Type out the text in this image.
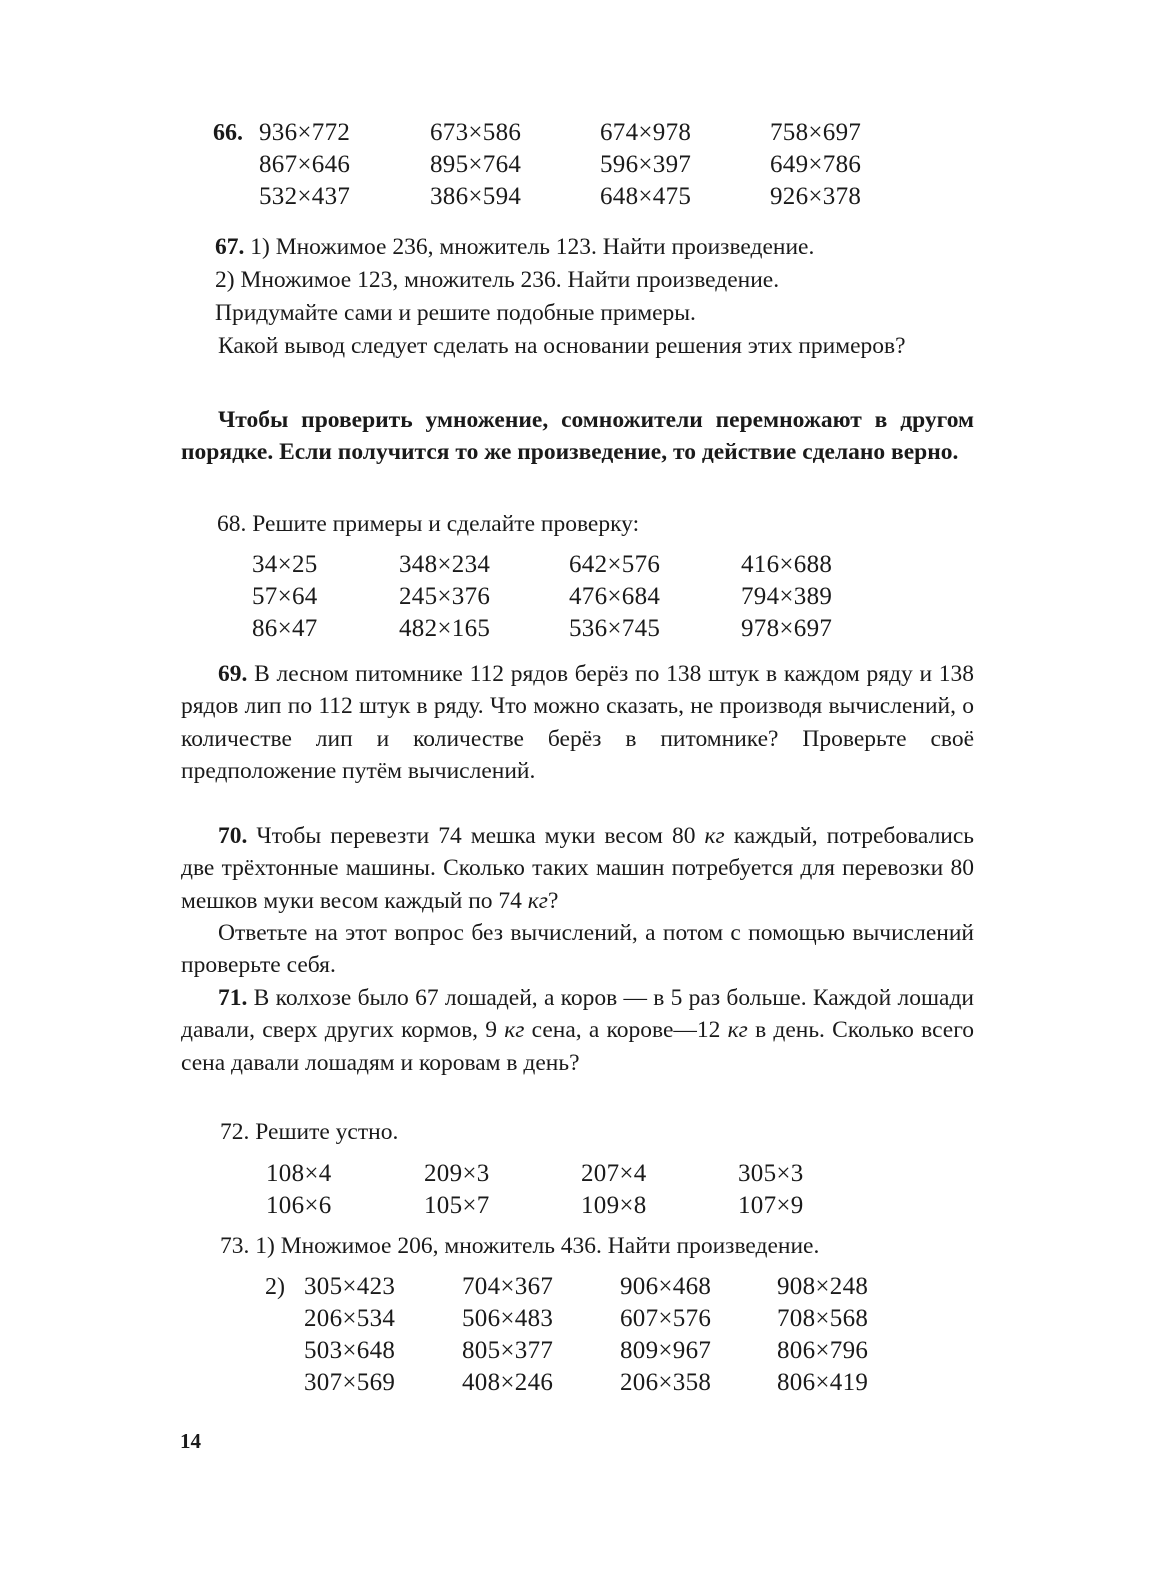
66. 936×772	673×586	674×978	758×697
867×646	895×764	596×397	649×786
532×437	386×594	648×475	926×378

67. 1) Множимое 236, множитель 123. Найти произведение.

2) Множимое 123, множитель 236. Найти произведение.

Придумайте сами и решите подобные примеры.

Какой вывод следует сделать на основании решения этих примеров?

Чтобы проверить умножение, сомножители перемножают в другом порядке. Если получится то же произведение, то действие сделано верно.

68. Решите примеры и сделайте проверку:

34×25	348×234	642×576	416×688
57×64	245×376	476×684	794×389
86×47	482×165	536×745	978×697

69. В лесном питомнике 112 рядов берёз по 138 штук в каждом ряду и 138 рядов лип по 112 штук в ряду. Что можно сказать, не производя вычислений, о количестве лип и количестве берёз в питомнике? Проверьте своё предположение путём вычислений.

70. Чтобы перевезти 74 мешка муки весом 80 кг каждый, потребовались две трёхтонные машины. Сколько таких машин потребуется для перевозки 80 мешков муки весом каждый по 74 кг?

Ответьте на этот вопрос без вычислений, а потом с помощью вычислений проверьте себя.

71. В колхозе было 67 лошадей, а коров — в 5 раз больше. Каждой лошади давали, сверх других кормов, 9 кг сена, а корове—12 кг в день. Сколько всего сена давали лошадям и коровам в день?

72. Решите устно.

108×4	209×3	207×4	305×3
106×6	105×7	109×8	107×9

73. 1) Множимое 206, множитель 436. Найти произведение.

2) 305×423	704×367	906×468	908×248
206×534	506×483	607×576	708×568
503×648	805×377	809×967	806×796
307×569	408×246	206×358	806×419
14
